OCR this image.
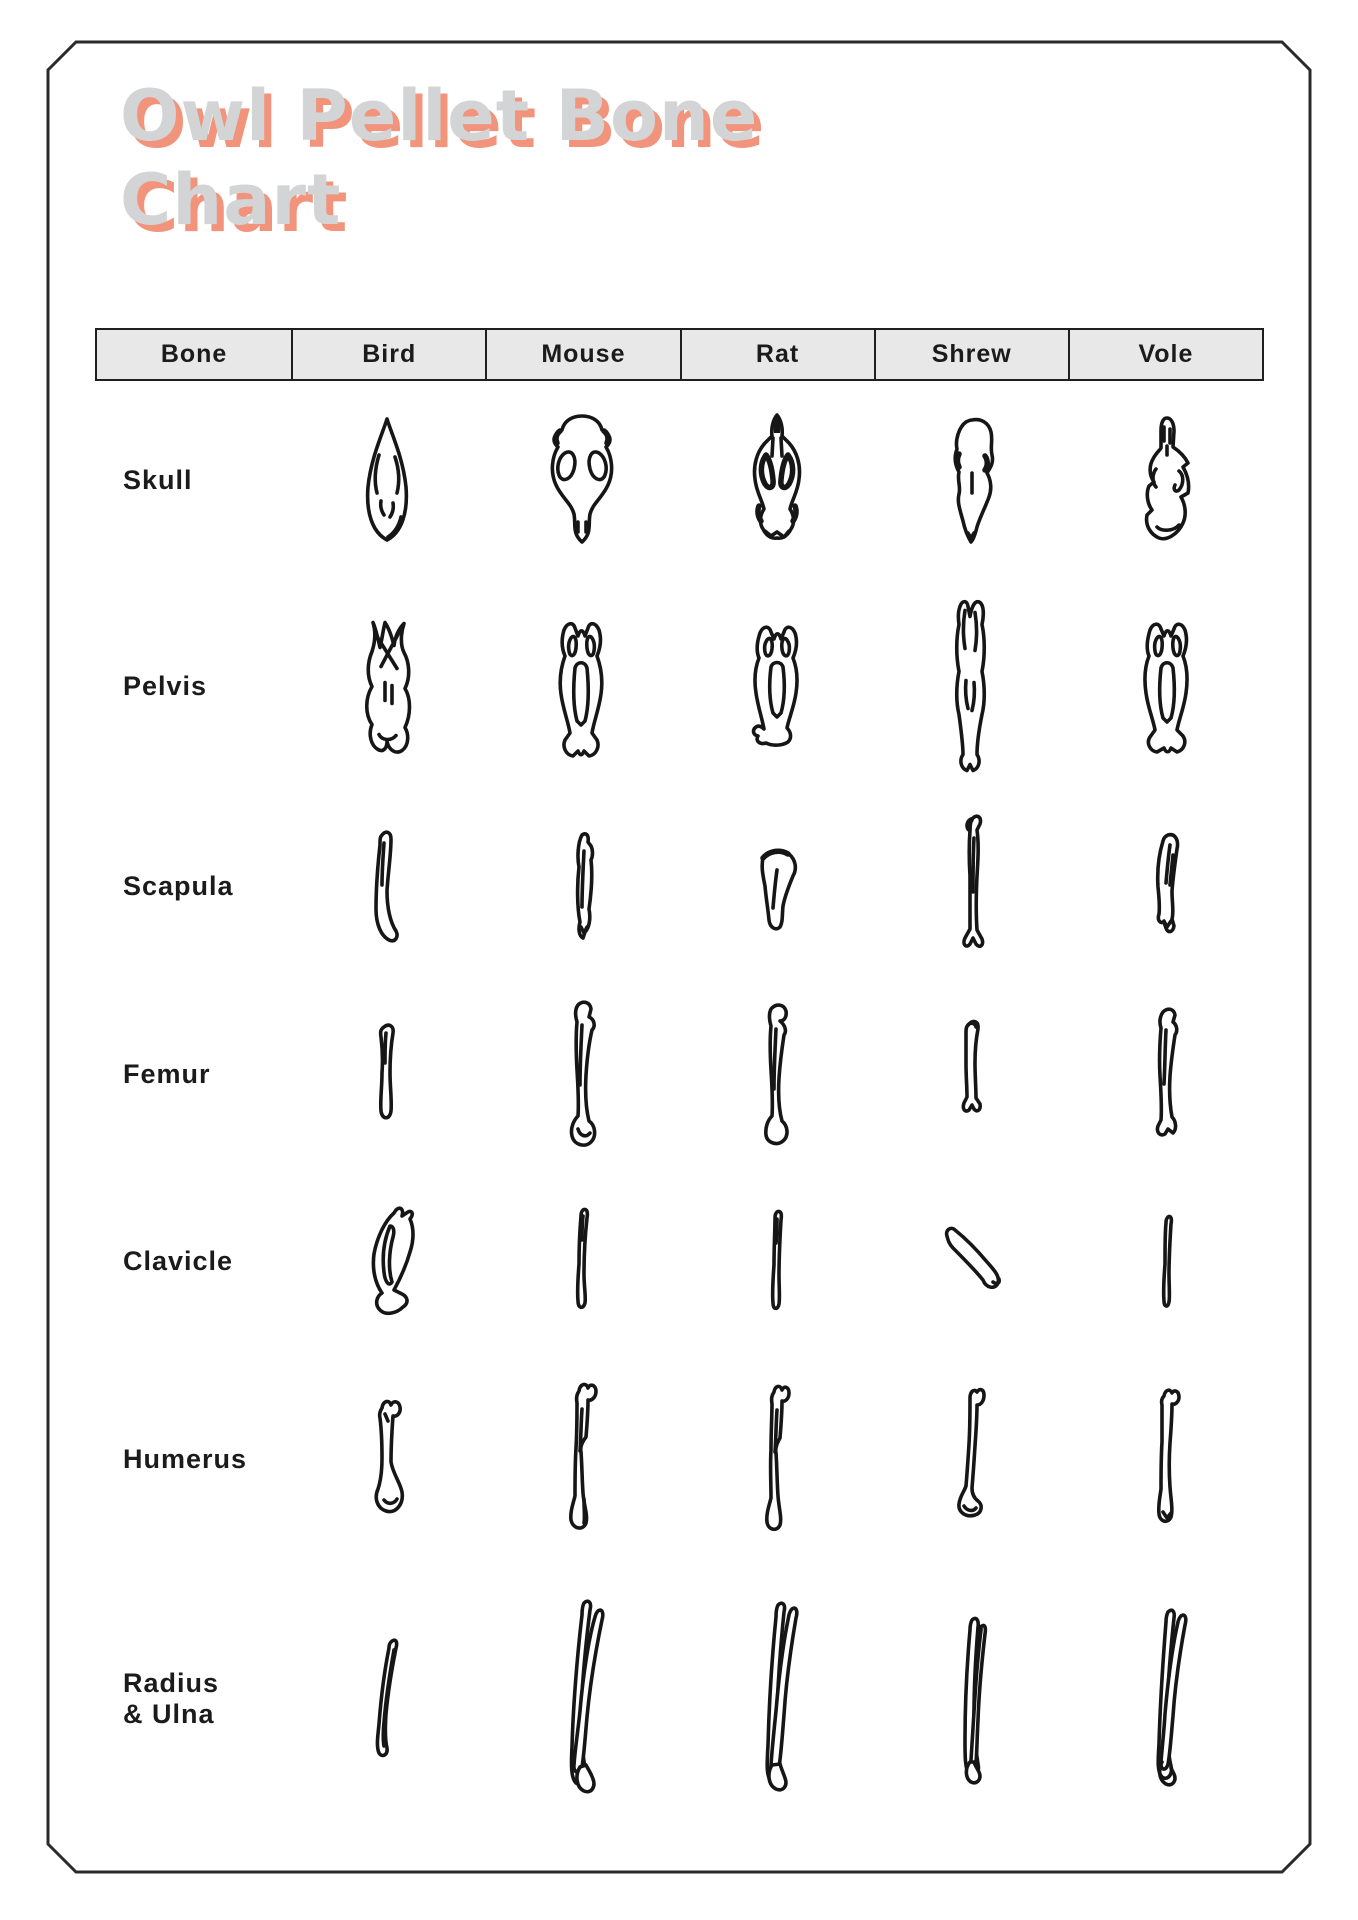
Owl Pellet Bone
Chart
Bone	Bird	Mouse	Rat	Shrew	Vole
Skull
Pelvis
Scapula
Femur
Clavicle
Humerus
Radius
& Ulna
